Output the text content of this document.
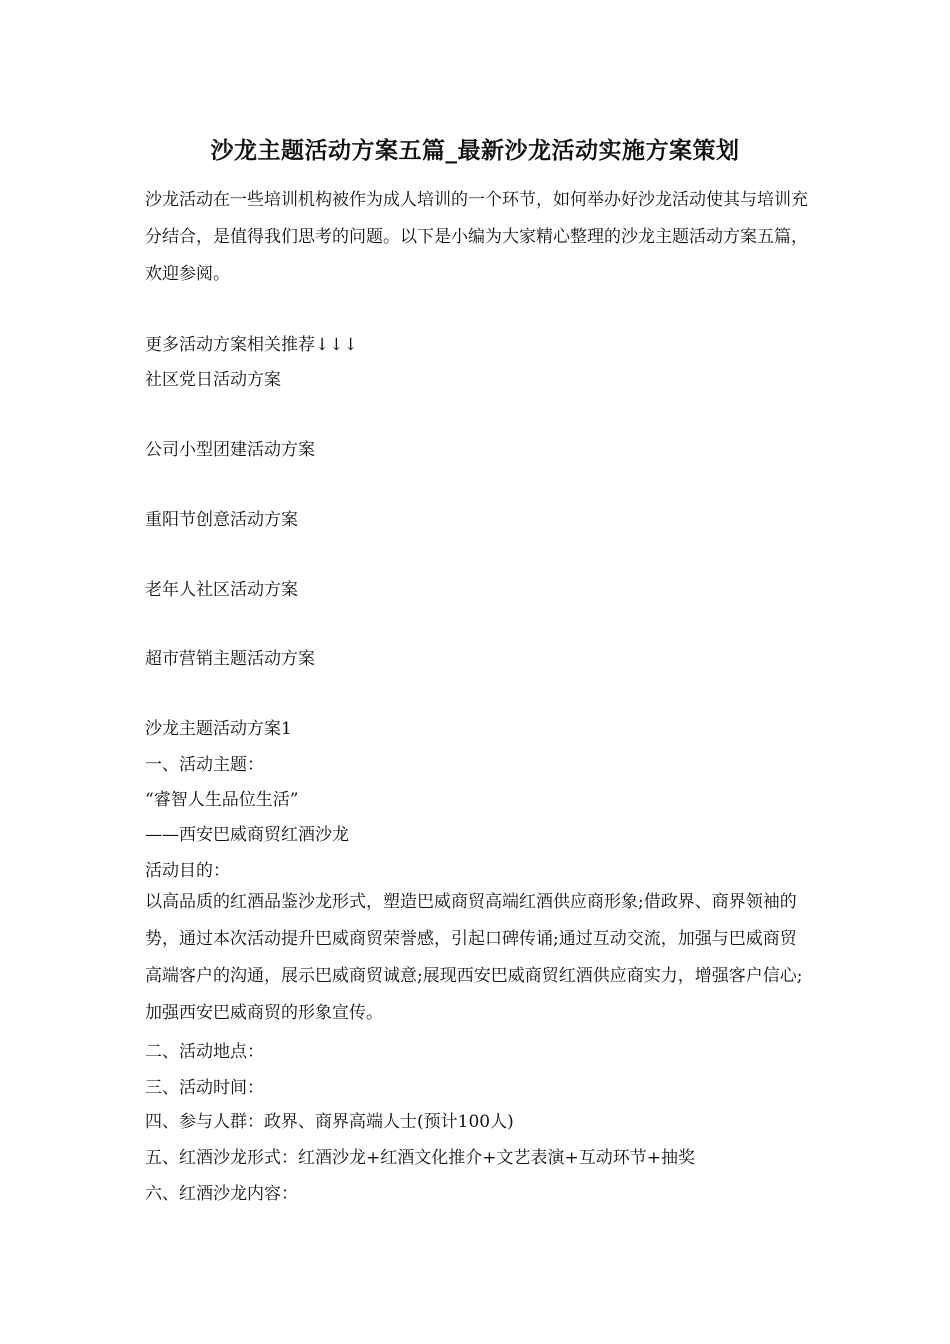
沙龙主题活动方案五篇_最新沙龙活动实施方案策划

沙龙活动在一些培训机构被作为成人培训的一个环节，如何举办好沙龙活动使其与培训充分结合，是值得我们思考的问题。以下是小编为大家精心整理的沙龙主题活动方案五篇，欢迎参阅。

更多活动方案相关推荐↓↓↓
社区党日活动方案
公司小型团建活动方案
重阳节创意活动方案
老年人社区活动方案
超市营销主题活动方案
沙龙主题活动方案1
一、活动主题：
“睿智人生品位生活”
——西安巴威商贸红酒沙龙
活动目的：

以高品质的红酒品鉴沙龙形式，塑造巴威商贸高端红酒供应商形象;借政界、商界领袖的势，通过本次活动提升巴威商贸荣誉感，引起口碑传诵;通过互动交流，加强与巴威商贸高端客户的沟通，展示巴威商贸诚意;展现西安巴威商贸红酒供应商实力，增强客户信心;加强西安巴威商贸的形象宣传。

二、活动地点：
三、活动时间：
四、参与人群：政界、商界高端人士(预计100人)
五、红酒沙龙形式：红酒沙龙+红酒文化推介+文艺表演+互动环节+抽奖
六、红酒沙龙内容：
